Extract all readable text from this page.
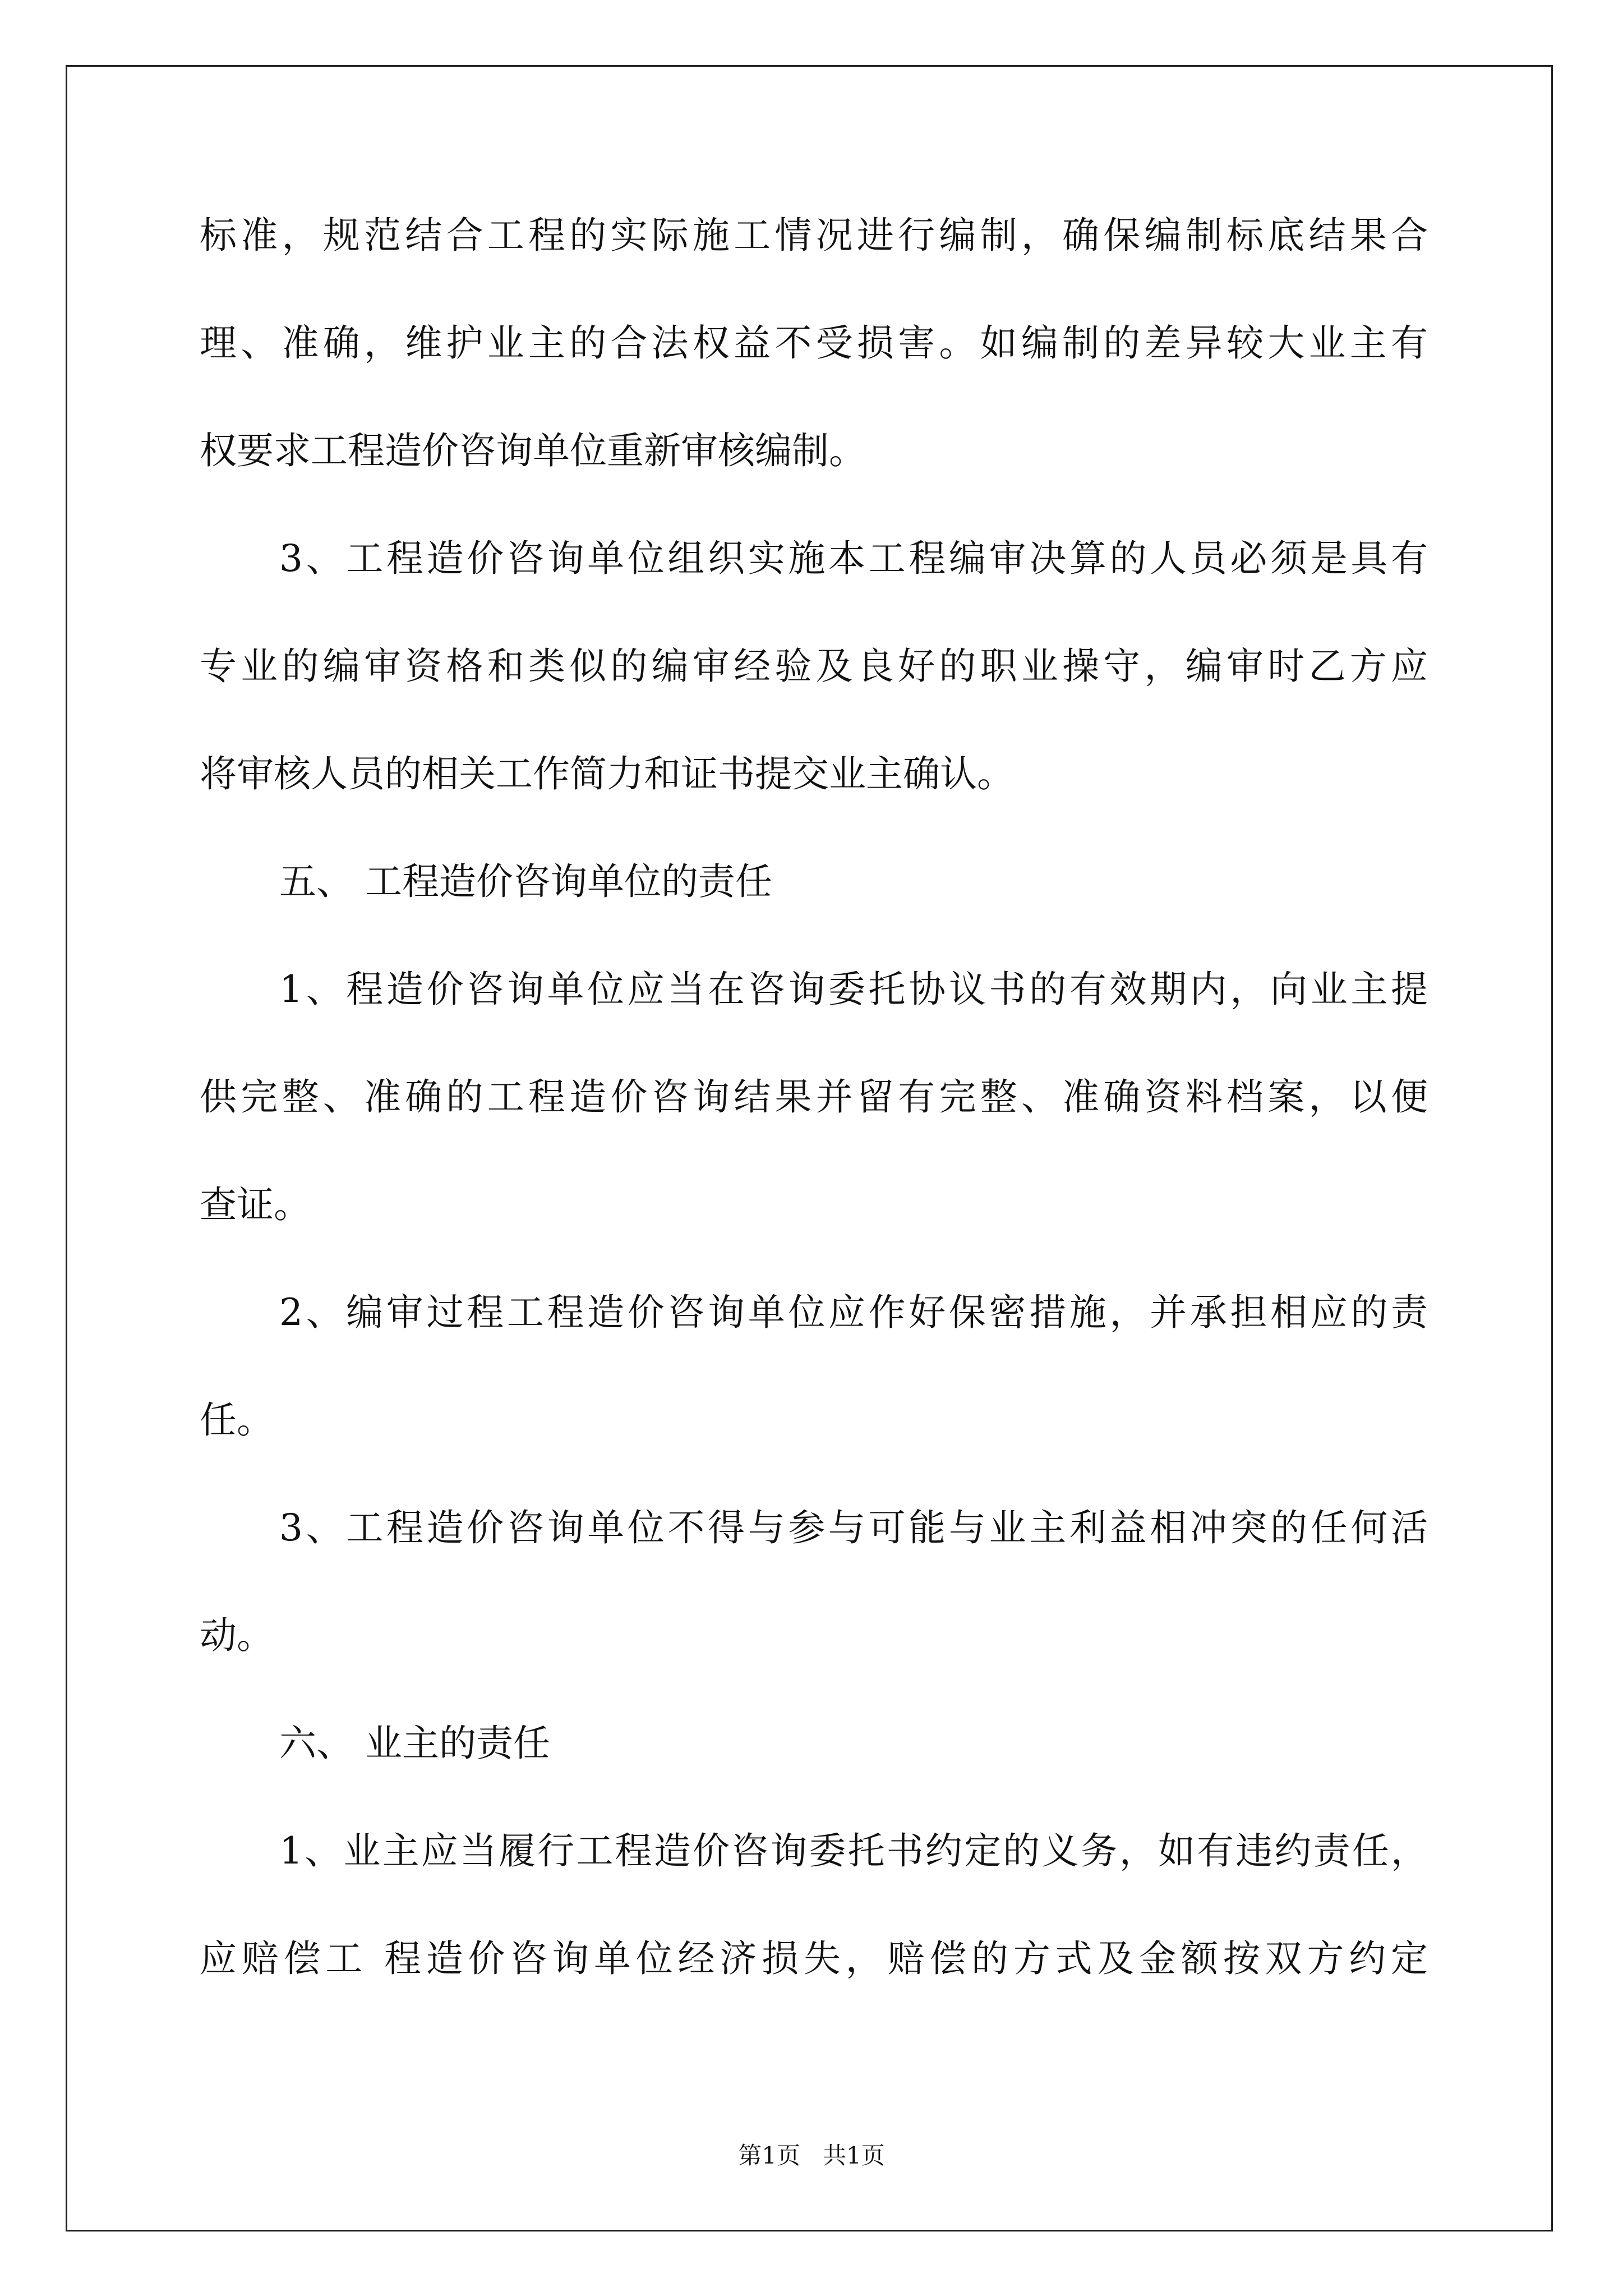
标准，规范结合工程的实际施工情况进行编制，确保编制标底结果合
理、准确，维护业主的合法权益不受损害。如编制的差异较大业主有
权要求工程造价咨询单位重新审核编制。
3、工程造价咨询单位组织实施本工程编审决算的人员必须是具有
专业的编审资格和类似的编审经验及良好的职业操守，编审时乙方应
将审核人员的相关工作简力和证书提交业主确认。
五、 工程造价咨询单位的责任
1、程造价咨询单位应当在咨询委托协议书的有效期内，向业主提
供完整、准确的工程造价咨询结果并留有完整、准确资料档案，以便
查证。
2、编审过程工程造价咨询单位应作好保密措施，并承担相应的责
任。
3、工程造价咨询单位不得与参与可能与业主利益相冲突的任何活
动。
六、 业主的责任
1、业主应当履行工程造价咨询委托书约定的义务，如有违约责任，
应赔偿工 程造价咨询单位经济损失，赔偿的方式及金额按双方约定
第1页 共1页
